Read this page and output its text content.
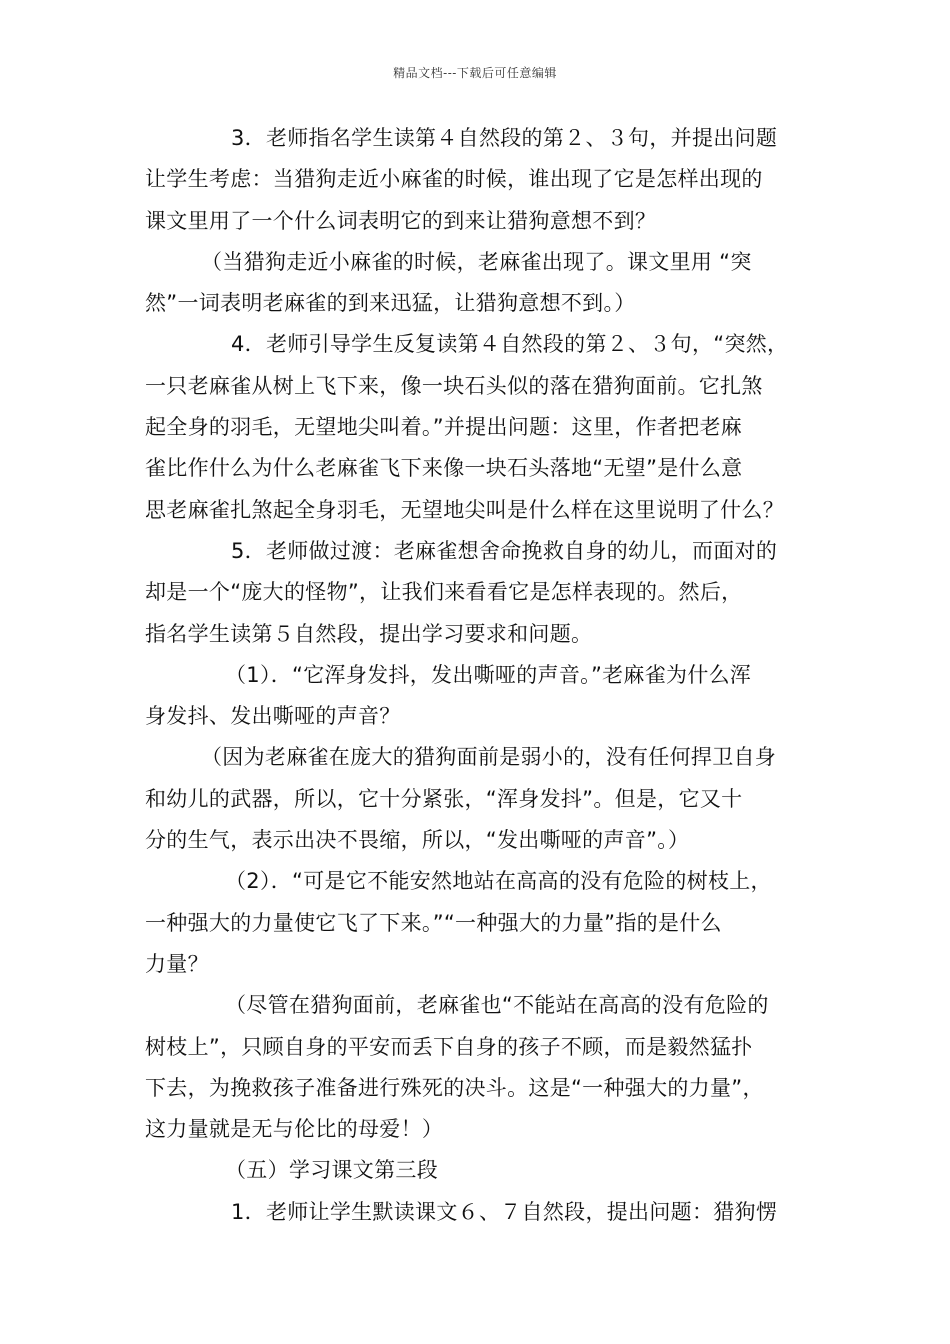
精品文档---下载后可任意编辑
3．老师指名学生读第４自然段的第２、３句，并提出问题
让学生考虑：当猎狗走近小麻雀的时候，谁出现了它是怎样出现的
课文里用了一个什么词表明它的到来让猎狗意想不到？
（当猎狗走近小麻雀的时候，老麻雀出现了。课文里用 “突
然”一词表明老麻雀的到来迅猛，让猎狗意想不到。）
4．老师引导学生反复读第４自然段的第２、３句，“突然，
一只老麻雀从树上飞下来，像一块石头似的落在猎狗面前。它扎煞
起全身的羽毛，无望地尖叫着。”并提出问题：这里，作者把老麻
雀比作什么为什么老麻雀飞下来像一块石头落地“无望”是什么意
思老麻雀扎煞起全身羽毛，无望地尖叫是什么样在这里说明了什么？
5．老师做过渡：老麻雀想舍命挽救自身的幼儿，而面对的
却是一个“庞大的怪物”，让我们来看看它是怎样表现的。然后，
指名学生读第５自然段，提出学习要求和问题。
（1）．“它浑身发抖，发出嘶哑的声音。”老麻雀为什么浑
身发抖、发出嘶哑的声音？
（因为老麻雀在庞大的猎狗面前是弱小的，没有任何捍卫自身
和幼儿的武器，所以，它十分紧张，“浑身发抖”。但是，它又十
分的生气，表示出决不畏缩，所以，“发出嘶哑的声音”。）
（2）．“可是它不能安然地站在高高的没有危险的树枝上，
一种强大的力量使它飞了下来。”“一种强大的力量”指的是什么
力量？
（尽管在猎狗面前，老麻雀也“不能站在高高的没有危险的
树枝上”，只顾自身的平安而丢下自身的孩子不顾，而是毅然猛扑
下去，为挽救孩子准备进行殊死的决斗。这是“一种强大的力量”，
这力量就是无与伦比的母爱！）
（五）学习课文第三段
1．老师让学生默读课文６、７自然段，提出问题：猎狗愣
